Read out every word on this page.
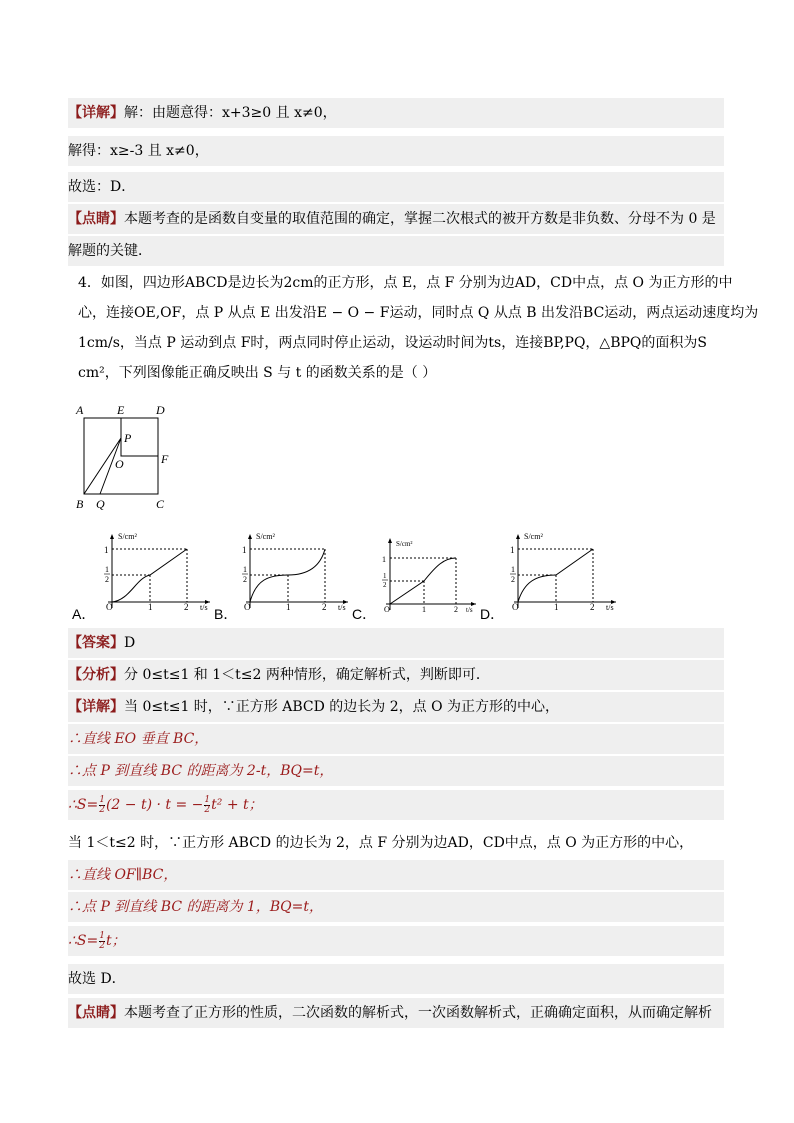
【详解】解：由题意得：x+3≥0 且 x≠0，
解得：x≥-3 且 x≠0，
故选：D．
【点睛】本题考查的是函数自变量的取值范围的确定，掌握二次根式的被开方数是非负数、分母不为 0 是
解题的关键．

4．如图，四边形ABCD是边长为2cm的正方形，点 E，点 F 分别为边AD，CD中点，点 O 为正方形的中

心，连接OE,OF，点 P 从点 E 出发沿E − O − F运动，同时点 Q 从点 B 出发沿BC运动，两点运动速度均为

1cm/s，当点 P 运动到点 F时，两点同时停止运动，设运动时间为ts，连接BP,PQ，△BPQ的面积为S

cm²，下列图像能正确反映出 S 与 t 的函数关系的是（ ）

A	E	D
P
O	F
B Q	C
S/cm²
t/s
1
1
2
O	1	2
A．
S/cm²
t/s
1
1
2
O	1	2
B．
S/cm²
t/s
1
1
2
O	1	2
C．
S/cm²
t/s
1
1
2
O	1	2
D．
【答案】D
【分析】分 0≤t≤1 和 1＜t≤2 两种情形，确定解析式，判断即可．
【详解】当 0≤t≤1 时，∵正方形 ABCD 的边长为 2，点 O 为正方形的中心，
∴直线 EO 垂直 BC，
∴点 P 到直线 BC 的距离为 2-t，BQ=t，
∴S= $\frac{1}{2} (2 - t) \cdot t$ = − $\frac{1}{2} t^2 + t$；
当 1＜t≤2 时，∵正方形 ABCD 的边长为 2，点 F 分别为边AD，CD中点，点 O 为正方形的中心，
∴直线 OF∥BC，
∴点 P 到直线 BC 的距离为 1，BQ=t，
∴S= $\frac{1}{2}$ t；
故选 D．
【点睛】本题考查了正方形的性质，二次函数的解析式，一次函数解析式，正确确定面积，从而确定解析
